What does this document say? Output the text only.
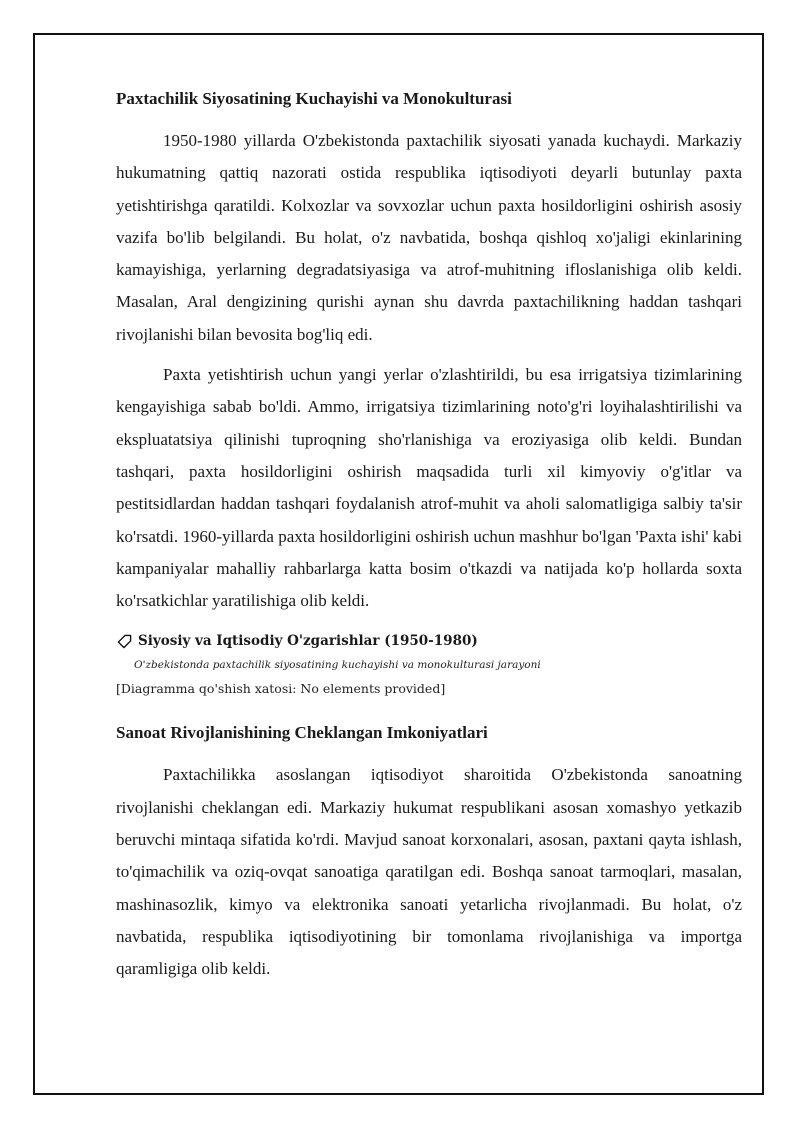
Paxtachilik Siyosatining Kuchayishi va Monokulturasi

1950-1980 yillarda O'zbekistonda paxtachilik siyosati yanada kuchaydi. Markaziy hukumatning qattiq nazorati ostida respublika iqtisodiyoti deyarli butunlay paxta yetishtirishga qaratildi. Kolxozlar va sovxozlar uchun paxta hosildorligini oshirish asosiy vazifa bo'lib belgilandi. Bu holat, o'z navbatida, boshqa qishloq xo'jaligi ekinlarining kamayishiga, yerlarning degradatsiyasiga va atrof-muhitning ifloslanishiga olib keldi. Masalan, Aral dengizining qurishi aynan shu davrda paxtachilikning haddan tashqari rivojlanishi bilan bevosita bog'liq edi.

Paxta yetishtirish uchun yangi yerlar o'zlashtirildi, bu esa irrigatsiya tizimlarining kengayishiga sabab bo'ldi. Ammo, irrigatsiya tizimlarining noto'g'ri loyihalashtirilishi va ekspluatatsiya qilinishi tuproqning sho'rlanishiga va eroziyasiga olib keldi. Bundan tashqari, paxta hosildorligini oshirish maqsadida turli xil kimyoviy o'g'itlar va pestitsidlardan haddan tashqari foydalanish atrof-muhit va aholi salomatligiga salbiy ta'sir ko'rsatdi. 1960-yillarda paxta hosildorligini oshirish uchun mashhur bo'lgan 'Paxta ishi' kabi kampaniyalar mahalliy rahbarlarga katta bosim o'tkazdi va natijada ko'p hollarda soxta ko'rsatkichlar yaratilishiga olib keldi.

Siyosiy va Iqtisodiy O'zgarishlar (1950-1980)
O'zbekistonda paxtachilik siyosatining kuchayishi va monokulturasi jarayoni
[Diagramma qo'shish xatosi: No elements provided]
Sanoat Rivojlanishining Cheklangan Imkoniyatlari

Paxtachilikka asoslangan iqtisodiyot sharoitida O'zbekistonda sanoatning rivojlanishi cheklangan edi. Markaziy hukumat respublikani asosan xomashyo yetkazib beruvchi mintaqa sifatida ko'rdi. Mavjud sanoat korxonalari, asosan, paxtani qayta ishlash, to'qimachilik va oziq-ovqat sanoatiga qaratilgan edi. Boshqa sanoat tarmoqlari, masalan, mashinasozlik, kimyo va elektronika sanoati yetarlicha rivojlanmadi. Bu holat, o'z navbatida, respublika iqtisodiyotining bir tomonlama rivojlanishiga va importga qaramligiga olib keldi.
